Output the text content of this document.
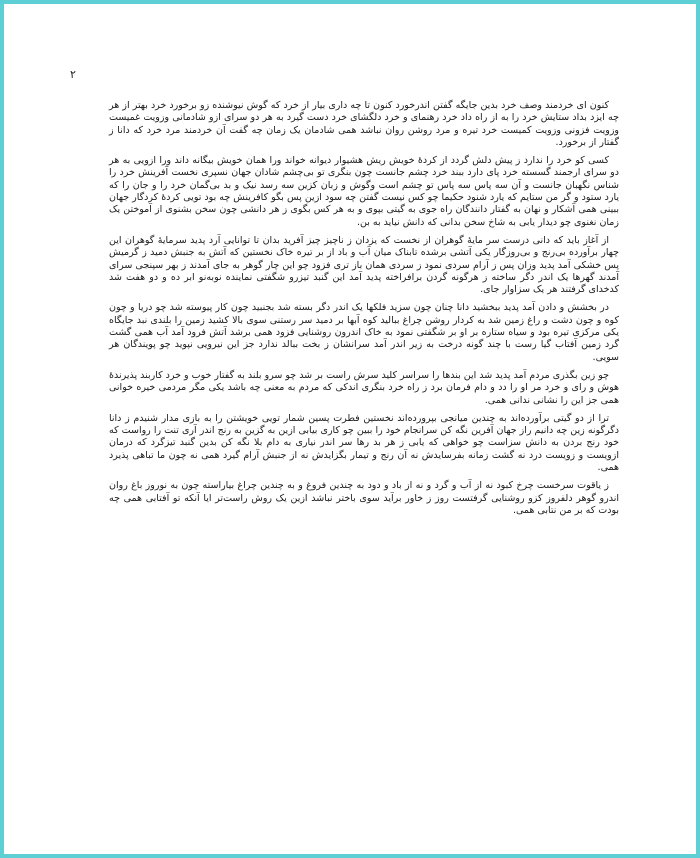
۲

کنون ای خردمند وصف خرد بدین جایگه گفتن اندرخورد کنون تا چه داری بیار از خرد که گوش نیوشنده زو برخورد خرد بهتر از هر چه ایزد بداد ستایش خرد را به از راه داد خرد رهنمای و خرد دلگشای خرد دست گیرد به هر دو سرای ازو شادمانی وزویت غمیست وزویت فزونی وزویت کمیست خرد تیره و مرد روشن روان نباشد همی شادمان یک زمان چه گفت آن خردمند مرد خرد که دانا ز گفتار از برخورد.

کسی کو خرد را ندارد ز پیش دلش گردد از کردهٔ خویش ریش هشیوار دیوانه خواند ورا همان خویش بیگانه داند ورا ازویی به هر دو سرای ارجمند گسسته خرد پای دارد ببند خرد چشم جانست چون بنگری تو بی‌چشم شادان جهان نسپری نخست آفرینش خرد را شناس نگهبان جانست و آن سه پاس سه پاس تو چشم است وگوش و زبان کزین سه رسد نیک و بد بی‌گمان خرد را و جان را که یارد ستود و گر من ستایم که یارد شنود حکیما چو کس نیست گفتن چه سود ازین پس بگو کافرینش چه بود تویی کردهٔ کردگار جهان ببینی همی آشکار و نهان به گفتار دانندگان راه جوی به گیتی بپوی و به هر کس بگوی ز هر دانشی چون سخن بشنوی از آموختن یک زمان نغنوی چو دیدار یابی به شاخ سخن بدانی که دانش نیاید به بن.

از آغاز باید که دانی درست سر مایهٔ گوهران از نخست که یزدان ز ناچیز چیز آفرید بدان تا توانایی آرد پدید سرمایهٔ گوهران این چهار برآورده بی‌رنج و بی‌روزگار یکی آتشی برشده تابناک میان آب و باد از بر تیره خاک نخستین که آتش به جنبش دمید ز گرمیش پس خشکی آمد پدید وزان پس ز آرام سردی نمود ز سردی همان باز تری فزود چو این چار گوهر به جای آمدند ز بهر سپنجی سرای آمدند گهرها یک اندر دگر ساخته ز هرگونه گردن برافراخته پدید آمد این گنبد تیزرو شگفتی نماینده نوبه‌نو ابر ده و دو هفت شد کدخدای گرفتند هر یک سزاوار جای.

در بخشش و دادن آمد پدید ببخشید دانا چنان چون سزید فلکها یک اندر دگر بسته شد بجنبید چون کار پیوسته شد چو دریا و چون کوه و چون دشت و راغ زمین شد به کردار روشن چراغ ببالید کوه آبها بر دمید سر رستنی سوی بالا کشید زمین را بلندی نبد جایگاه یکی مرکزی تیره بود و سیاه ستاره بر او بر شگفتی نمود به خاک اندرون روشنایی فزود همی برشد آتش فرود آمد آب همی گشت گرد زمین آفتاب گیا رست با چند گونه درخت به زیر اندر آمد سرانشان ز بخت ببالد ندارد جز این نیرویی نپوید چو پویندگان هر سویی.

چو زین بگذری مردم آمد پدید شد این بندها را سراسر کلید سرش راست بر شد چو سرو بلند به گفتار خوب و خرد کاربند پذیرندهٔ هوش و رای و خرد مر او را دد و دام فرمان برد ز راه خرد بنگری اندکی که مردم به معنی چه باشد یکی مگر مردمی خیره خوانی همی جز این را نشانی ندانی همی.

ترا از دو گیتی برآورده‌اند به چندین میانجی بپرورده‌اند نخستین فطرت پسین شمار تویی خویشتن را به بازی مدار شنیدم ز دانا دگرگونه زین چه دانیم راز جهان آفرین نگه کن سرانجام خود را ببین چو کاری بیابی ازین به گزین به رنج اندر آری تنت را رواست که خود رنج بردن به دانش سزاست چو خواهی که یابی ز هر بد رها سر اندر نیاری به دام بلا نگه کن بدین گنبد تیزگرد که درمان ازویست و زویست درد نه گشت زمانه بفرسایدش نه آن رنج و تیمار بگزایدش نه از جنبش آرام گیرد همی نه چون ما تباهی پذیرد همی.

ز یاقوت سرخست چرخ کبود نه از آب و گرد و نه از باد و دود به چندین فروغ و به چندین چراغ بیاراسته چون به نوروز باغ روان اندرو گوهر دلفروز کزو روشنایی گرفتست روز ز خاور برآید سوی باختر نباشد ازین یک روش راست‌تر ایا آنکه تو آفتابی همی چه بودت که بر من نتابی همی.
